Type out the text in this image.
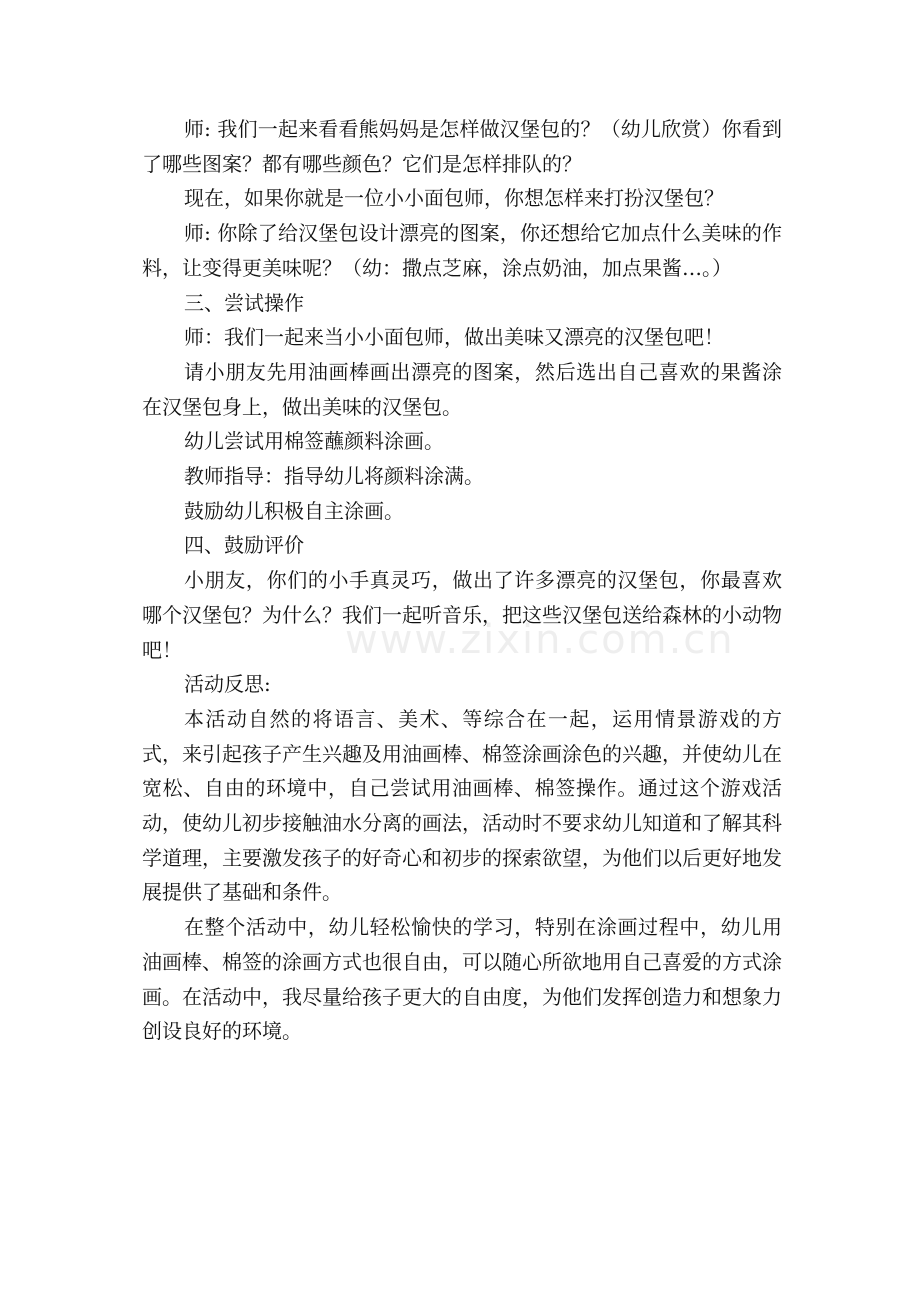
师: 我们一起来看看熊妈妈是怎样做汉堡包的？（幼儿欣赏）你看到了哪些图案？都有哪些颜色？它们是怎样排队的？

现在，如果你就是一位小小面包师，你想怎样来打扮汉堡包？

师: 你除了给汉堡包设计漂亮的图案，你还想给它加点什么美味的作料，让变得更美味呢？（幼：撒点芝麻，涂点奶油，加点果酱…。）

三、尝试操作

师：我们一起来当小小面包师，做出美味又漂亮的汉堡包吧！

请小朋友先用油画棒画出漂亮的图案，然后选出自己喜欢的果酱涂在汉堡包身上，做出美味的汉堡包。

幼儿尝试用棉签蘸颜料涂画。

教师指导：指导幼儿将颜料涂满。

鼓励幼儿积极自主涂画。

四、鼓励评价

小朋友，你们的小手真灵巧，做出了许多漂亮的汉堡包，你最喜欢哪个汉堡包？为什么？我们一起听音乐，把这些汉堡包送给森林的小动物吧！

活动反思:

本活动自然的将语言、美术、等综合在一起，运用情景游戏的方式，来引起孩子产生兴趣及用油画棒、棉签涂画涂色的兴趣，并使幼儿在宽松、自由的环境中，自己尝试用油画棒、棉签操作。通过这个游戏活动，使幼儿初步接触油水分离的画法，活动时不要求幼儿知道和了解其科学道理，主要激发孩子的好奇心和初步的探索欲望，为他们以后更好地发展提供了基础和条件。

在整个活动中，幼儿轻松愉快的学习，特别在涂画过程中，幼儿用油画棒、棉签的涂画方式也很自由，可以随心所欲地用自己喜爱的方式涂画。在活动中，我尽量给孩子更大的自由度，为他们发挥创造力和想象力创设良好的环境。

www.zixin.com.cn
